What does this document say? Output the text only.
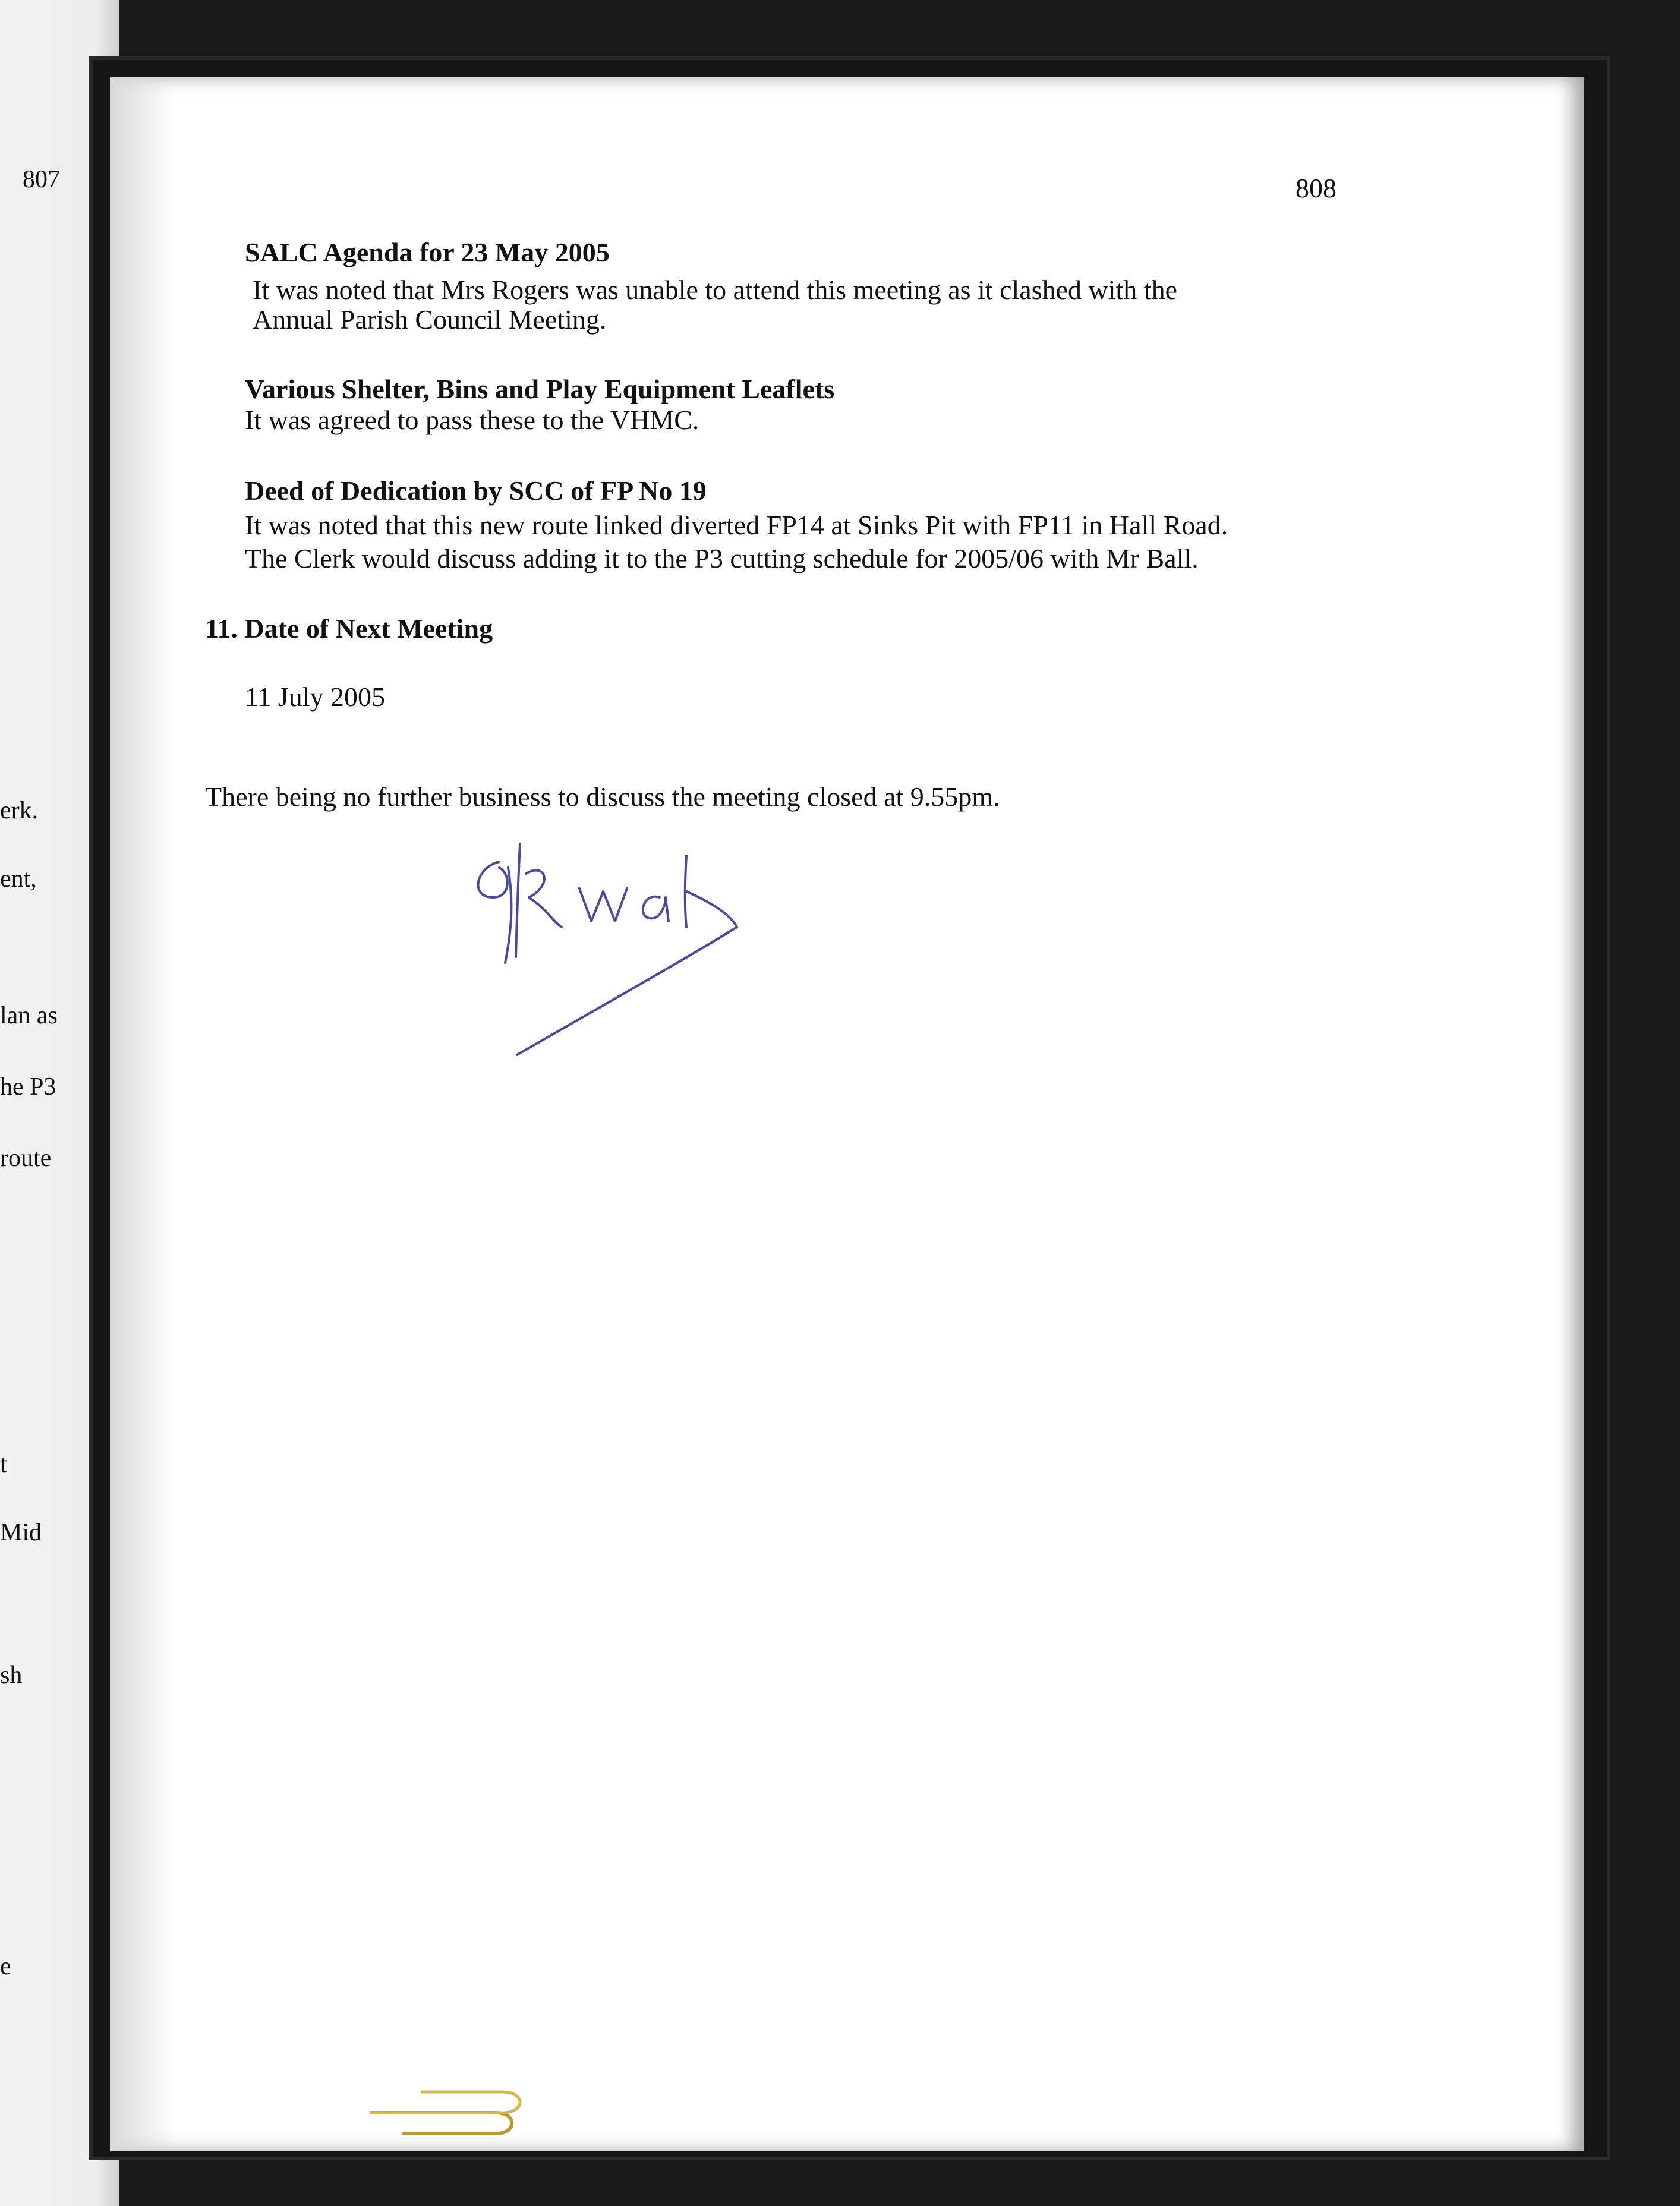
807
erk.
ent,
lan as
he P3
route
t
Mid
sh
e
808
SALC Agenda for 23 May 2005
It was noted that Mrs Rogers was unable to attend this meeting as it clashed with the
Annual Parish Council Meeting.
Various Shelter, Bins and Play Equipment Leaflets
It was agreed to pass these to the VHMC.
Deed of Dedication by SCC of FP No 19
It was noted that this new route linked diverted FP14 at Sinks Pit with FP11 in Hall Road.
The Clerk would discuss adding it to the P3 cutting schedule for 2005/06 with Mr Ball.
11. Date of Next Meeting
11 July 2005
There being no further business to discuss the meeting closed at 9.55pm.
